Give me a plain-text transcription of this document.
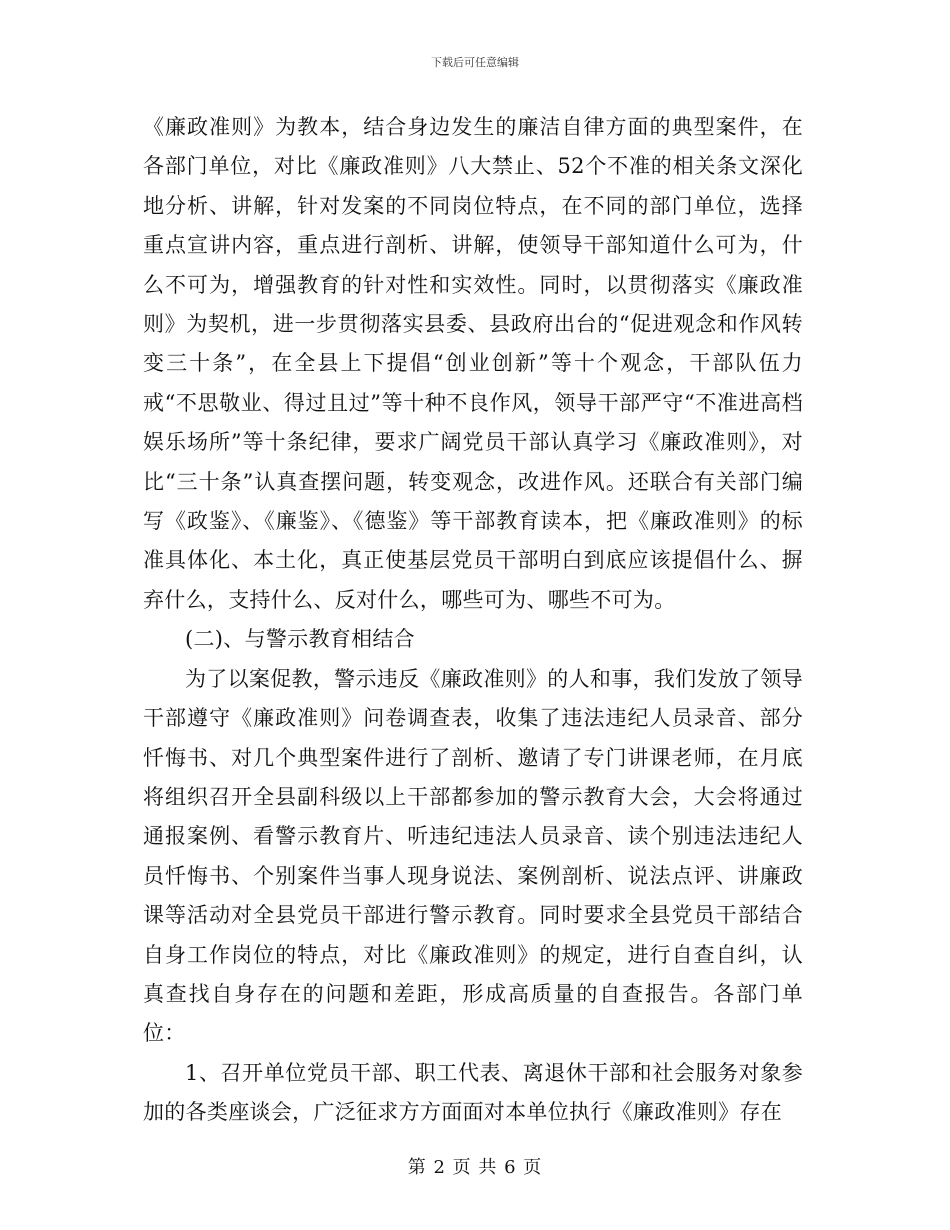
下载后可任意编辑

《廉政准则》为教本，结合身边发生的廉洁自律方面的典型案件，在各部门单位，对比《廉政准则》八大禁止、52个不准的相关条文深化地分析、讲解，针对发案的不同岗位特点，在不同的部门单位，选择重点宣讲内容，重点进行剖析、讲解，使领导干部知道什么可为，什么不可为，增强教育的针对性和实效性。同时，以贯彻落实《廉政准则》为契机，进一步贯彻落实县委、县政府出台的“促进观念和作风转变三十条”，在全县上下提倡“创业创新”等十个观念，干部队伍力戒“不思敬业、得过且过”等十种不良作风，领导干部严守“不准进高档娱乐场所”等十条纪律，要求广阔党员干部认真学习《廉政准则》，对比“三十条”认真查摆问题，转变观念，改进作风。还联合有关部门编写《政鉴》、《廉鉴》、《德鉴》等干部教育读本，把《廉政准则》的标准具体化、本土化，真正使基层党员干部明白到底应该提倡什么、摒弃什么，支持什么、反对什么，哪些可为、哪些不可为。

(二)、与警示教育相结合

为了以案促教，警示违反《廉政准则》的人和事，我们发放了领导干部遵守《廉政准则》问卷调查表，收集了违法违纪人员录音、部分忏悔书、对几个典型案件进行了剖析、邀请了专门讲课老师，在月底将组织召开全县副科级以上干部都参加的警示教育大会，大会将通过通报案例、看警示教育片、听违纪违法人员录音、读个别违法违纪人员忏悔书、个别案件当事人现身说法、案例剖析、说法点评、讲廉政课等活动对全县党员干部进行警示教育。同时要求全县党员干部结合自身工作岗位的特点，对比《廉政准则》的规定，进行自查自纠，认真查找自身存在的问题和差距，形成高质量的自查报告。各部门单位：

1、召开单位党员干部、职工代表、离退休干部和社会服务对象参加的各类座谈会，广泛征求方方面面对本单位执行《廉政准则》存在

第 2 页 共 6 页
